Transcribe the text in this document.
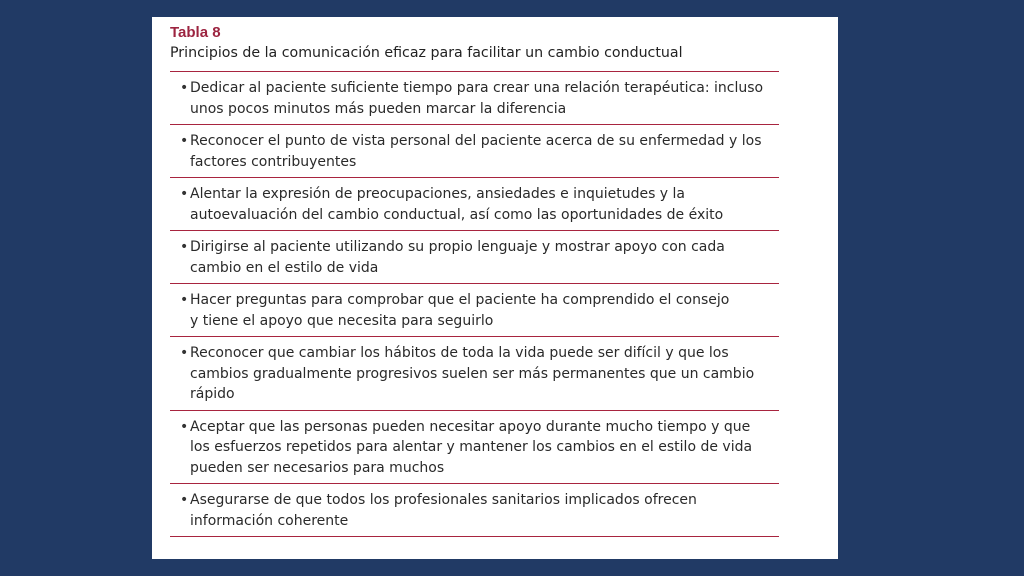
Tabla 8
Principios de la comunicación eficaz para facilitar un cambio conductual
• Dedicar al paciente suficiente tiempo para crear una relación terapéutica: incluso
unos pocos minutos más pueden marcar la diferencia
• Reconocer el punto de vista personal del paciente acerca de su enfermedad y los
factores contribuyentes
• Alentar la expresión de preocupaciones, ansiedades e inquietudes y la
autoevaluación del cambio conductual, así como las oportunidades de éxito
• Dirigirse al paciente utilizando su propio lenguaje y mostrar apoyo con cada
cambio en el estilo de vida
• Hacer preguntas para comprobar que el paciente ha comprendido el consejo
y tiene el apoyo que necesita para seguirlo
• Reconocer que cambiar los hábitos de toda la vida puede ser difícil y que los
cambios gradualmente progresivos suelen ser más permanentes que un cambio
rápido
• Aceptar que las personas pueden necesitar apoyo durante mucho tiempo y que
los esfuerzos repetidos para alentar y mantener los cambios en el estilo de vida
pueden ser necesarios para muchos
• Asegurarse de que todos los profesionales sanitarios implicados ofrecen
información coherente
